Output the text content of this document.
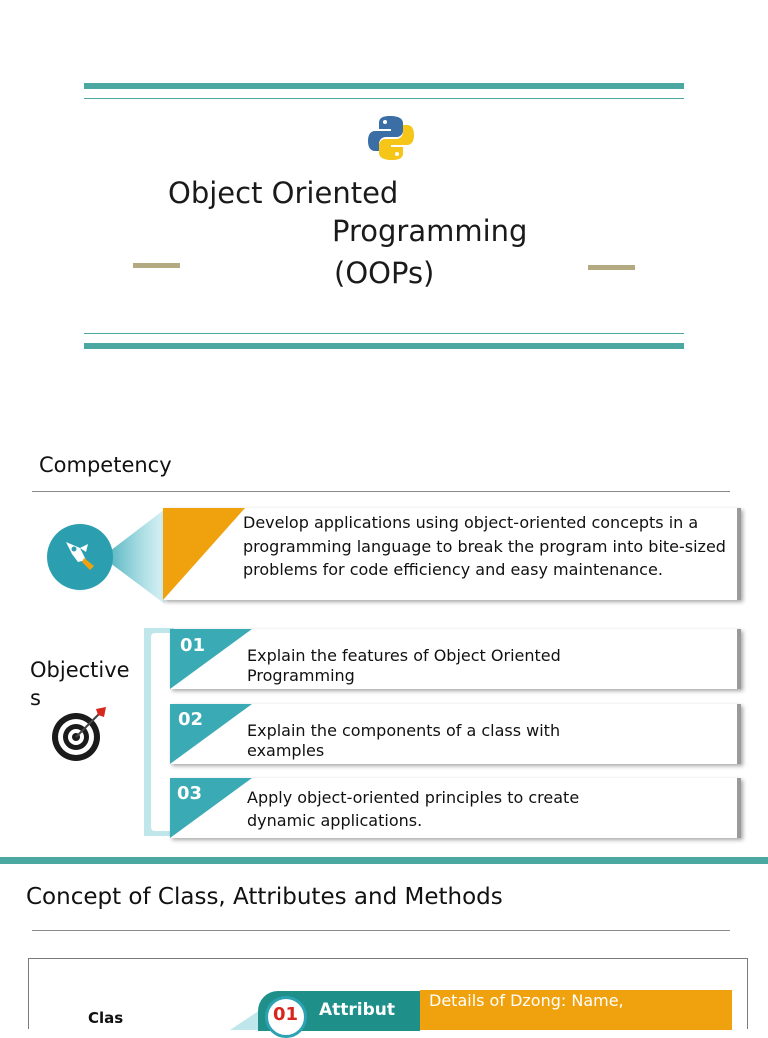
Object Oriented
Programming
(OOPs)
Competency
Develop applications using object-oriented concepts in a programming language to break the program into bite-sized problems for code efficiency and easy maintenance.
Objective
s
01	Explain the features of Object Oriented Programming
02
Explain the components of a class with examples
03	Apply object-oriented principles to create dynamic applications.
Concept of Class, Attributes and Methods
Clas	01 Attribut Details of Dzong: Name,
